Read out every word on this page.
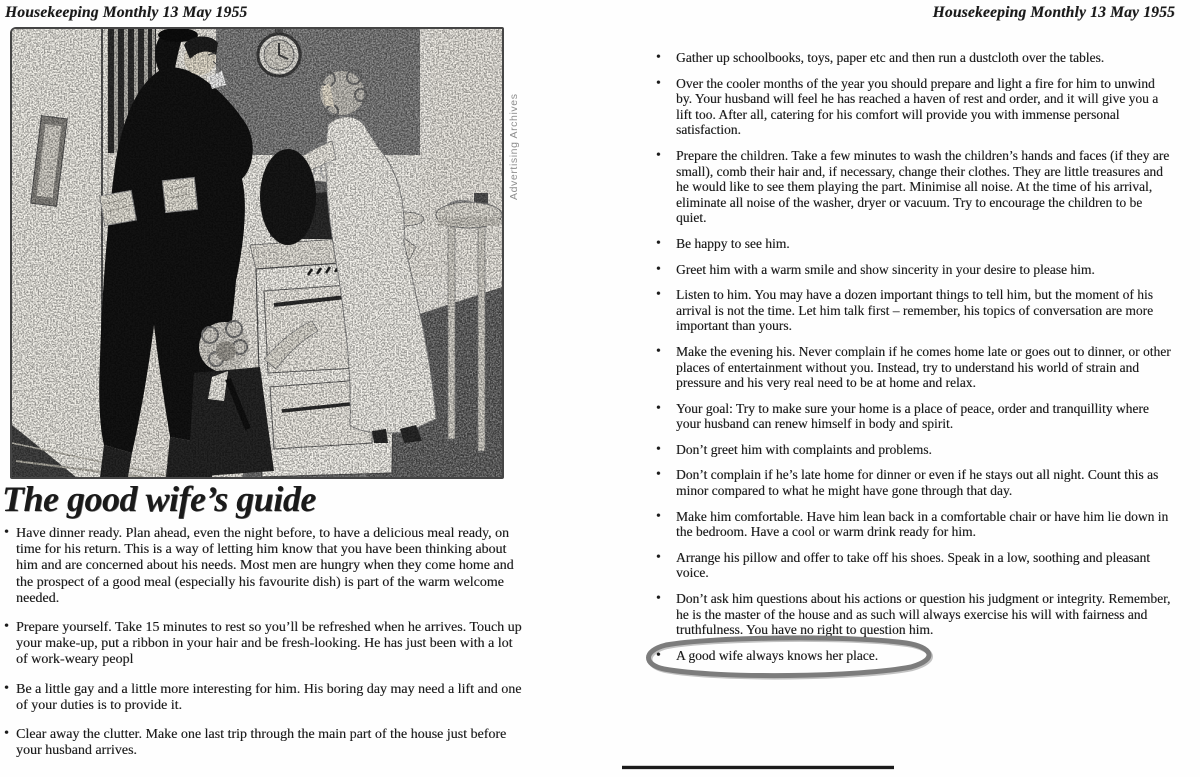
Housekeeping Monthly 13 May 1955	Housekeeping Monthly 13 May 1955
Advertising Archives
The good wife’s guide
• Have dinner ready. Plan ahead, even the night before, to have a delicious meal ready, on time for his return. This is a way of letting him know that you have been thinking about him and are concerned about his needs. Most men are hungry when they come home and the prospect of a good meal (especially his favourite dish) is part of the warm welcome needed.
• Prepare yourself. Take 15 minutes to rest so you’ll be refreshed when he arrives. Touch up your make-up, put a ribbon in your hair and be fresh-looking. He has just been with a lot of work-weary peopl
• Be a little gay and a little more interesting for him. His boring day may need a lift and one of your duties is to provide it.
• Clear away the clutter. Make one last trip through the main part of the house just before your husband arrives.
• Gather up schoolbooks, toys, paper etc and then run a dustcloth over the tables.
• Over the cooler months of the year you should prepare and light a fire for him to unwind by. Your husband will feel he has reached a haven of rest and order, and it will give you a lift too. After all, catering for his comfort will provide you with immense personal satisfaction.
• Prepare the children. Take a few minutes to wash the children’s hands and faces (if they are small), comb their hair and, if necessary, change their clothes. They are little treasures and he would like to see them playing the part. Minimise all noise. At the time of his arrival, eliminate all noise of the washer, dryer or vacuum. Try to encourage the children to be quiet.
• Be happy to see him.
• Greet him with a warm smile and show sincerity in your desire to please him.
• Listen to him. You may have a dozen important things to tell him, but the moment of his arrival is not the time. Let him talk first – remember, his topics of conversation are more important than yours.
• Make the evening his. Never complain if he comes home late or goes out to dinner, or other places of entertainment without you. Instead, try to understand his world of strain and pressure and his very real need to be at home and relax.
• Your goal: Try to make sure your home is a place of peace, order and tranquillity where your husband can renew himself in body and spirit.
• Don’t greet him with complaints and problems.
• Don’t complain if he’s late home for dinner or even if he stays out all night. Count this as minor compared to what he might have gone through that day.
• Make him comfortable. Have him lean back in a comfortable chair or have him lie down in the bedroom. Have a cool or warm drink ready for him.
• Arrange his pillow and offer to take off his shoes. Speak in a low, soothing and pleasant voice.
• Don’t ask him questions about his actions or question his judgment or integrity. Remember, he is the master of the house and as such will always exercise his will with fairness and truthfulness. You have no right to question him.
• A good wife always knows her place.
